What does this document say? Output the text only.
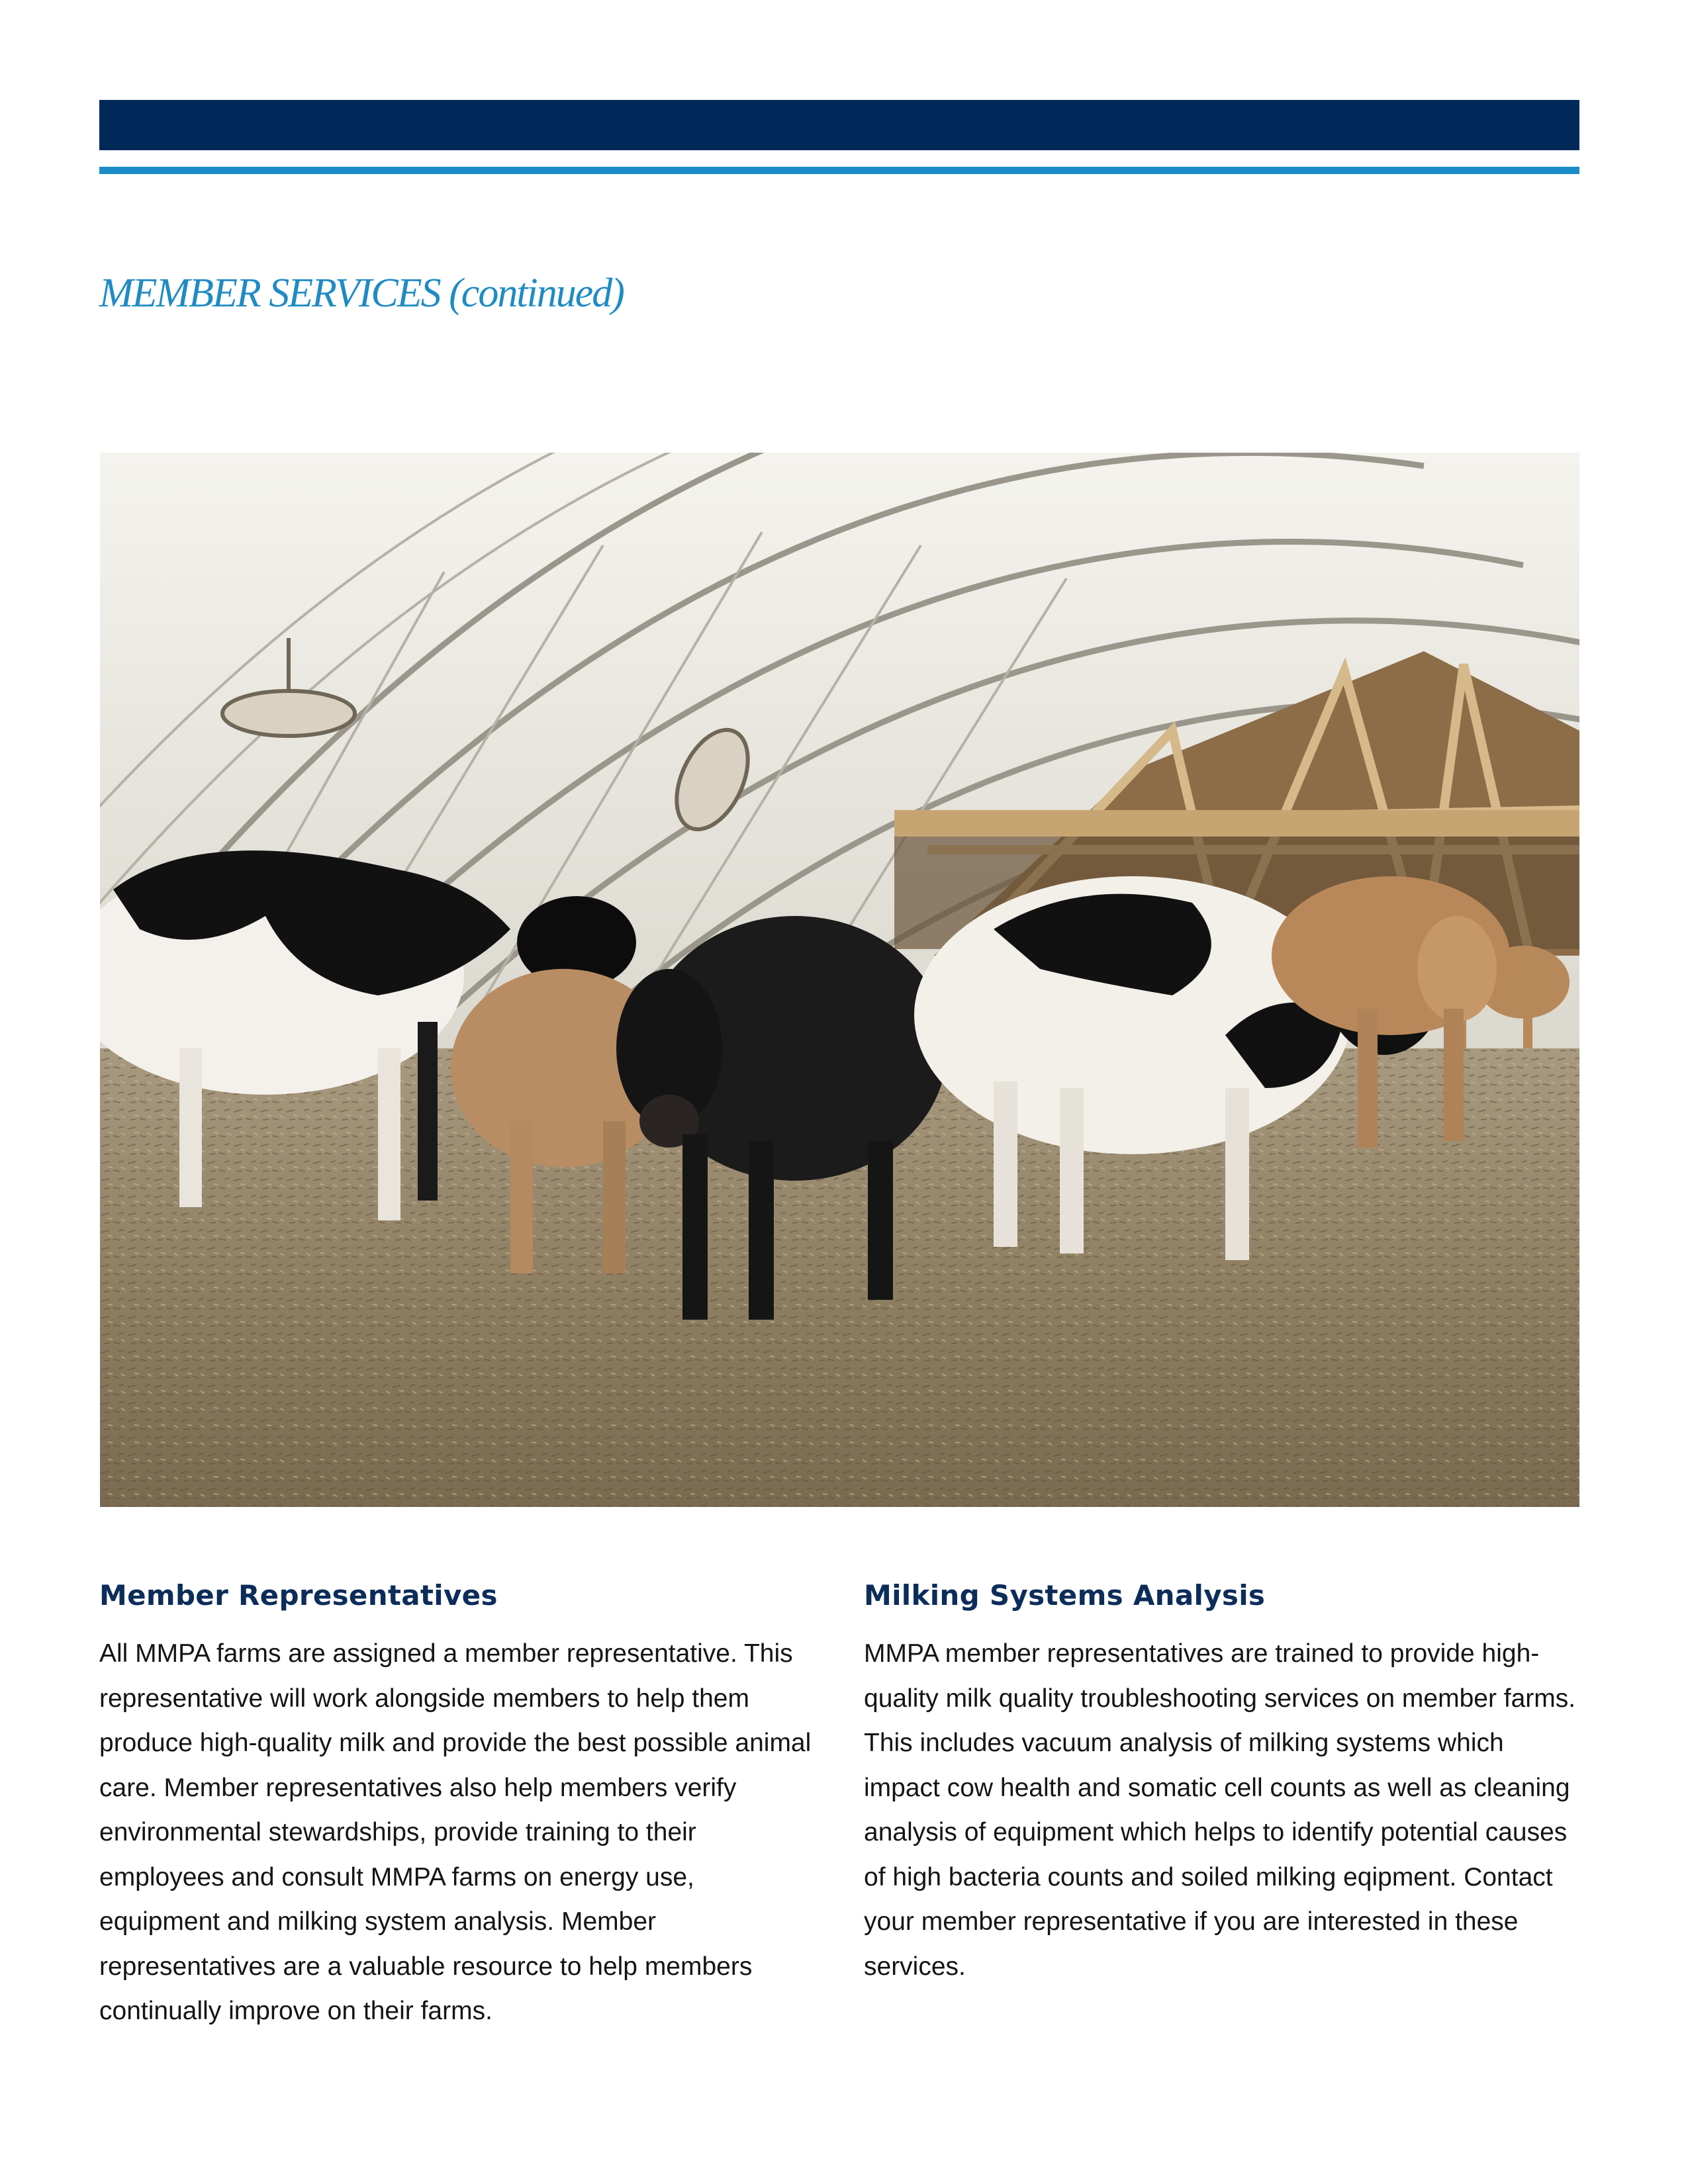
MEMBER SERVICES (continued)
Member Representatives

All MMPA farms are assigned a member representative. This representative will work alongside members to help them produce high-quality milk and provide the best possible animal care. Member representatives also help members verify environmental stewardships, provide training to their employees and consult MMPA farms on energy use, equipment and milking system analysis. Member representatives are a valuable resource to help members continually improve on their farms.

Milking Systems Analysis

MMPA member representatives are trained to provide high-quality milk quality troubleshooting services on member farms. This includes vacuum analysis of milking systems which impact cow health and somatic cell counts as well as cleaning analysis of equipment which helps to identify potential causes of high bacteria counts and soiled milking eqipment. Contact your member representative if you are interested in these services.
